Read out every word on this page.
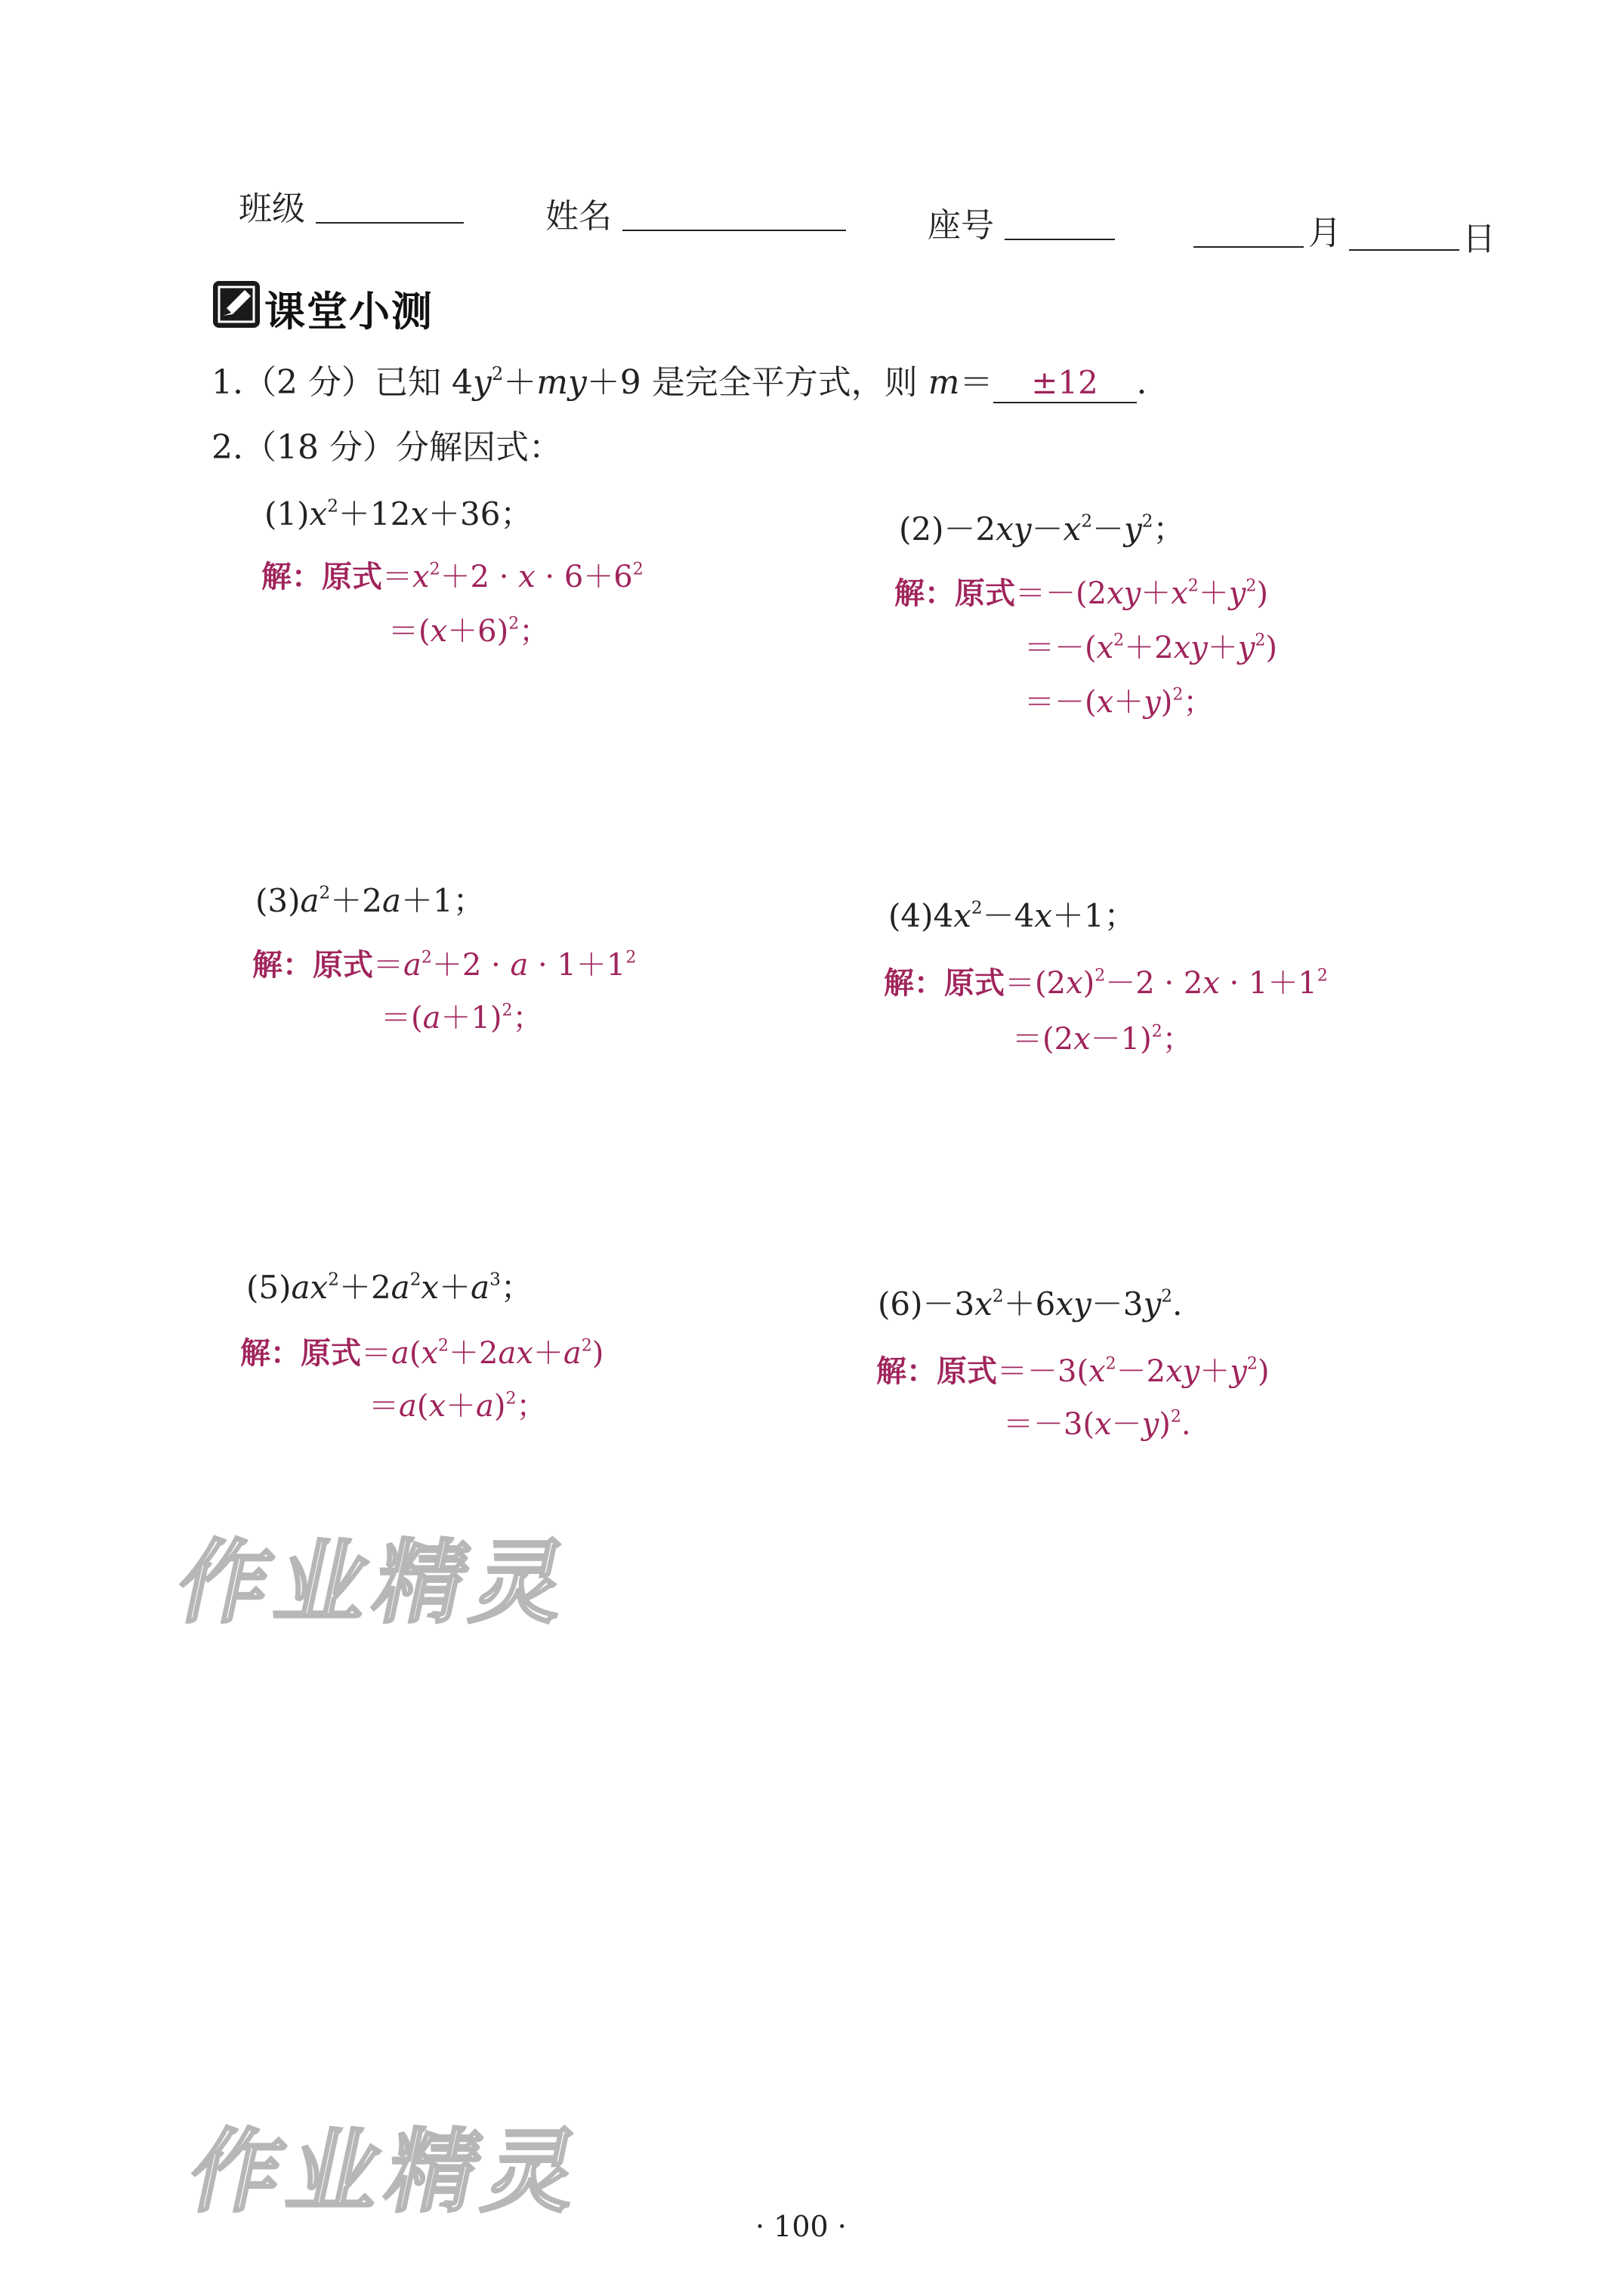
班级	姓名	座号	月	日
课堂小测
1.（2 分）已知 $4y^2+my+9$ 是完全平方式，则 m＝ ±12 .
2.（18 分）分解因式：
$(1)x^2+12x+36$；
解：原式$=x^2+2 \cdot x \cdot 6+6^2$
$=(x+6)^2$；
$(2)-2xy-x^2-y^2$；
解：原式$=-(2xy+x^2+y^2)$
$=-(x^2+2xy+y^2)$
$=-(x+y)^2$；
$(3)a^2+2a+1$；
解：原式$=a^2+2 \cdot a \cdot 1+1^2$
$=(a+1)^2$；
$(4)4x^2-4x+1$；
解：原式$=(2x)^2-2 \cdot 2x \cdot 1+1^2$
$=(2x-1)^2$；
$(5)ax^2+2a^2x+a^3$；
解：原式$=a(x^2+2ax+a^2)$
$=a(x+a)^2$；
$(6)-3x^2+6xy-3y^2$.
解：原式$=-3(x^2-2xy+y^2)$
$=-3(x-y)^2$.
作业精灵
作业精灵
· 100 ·
